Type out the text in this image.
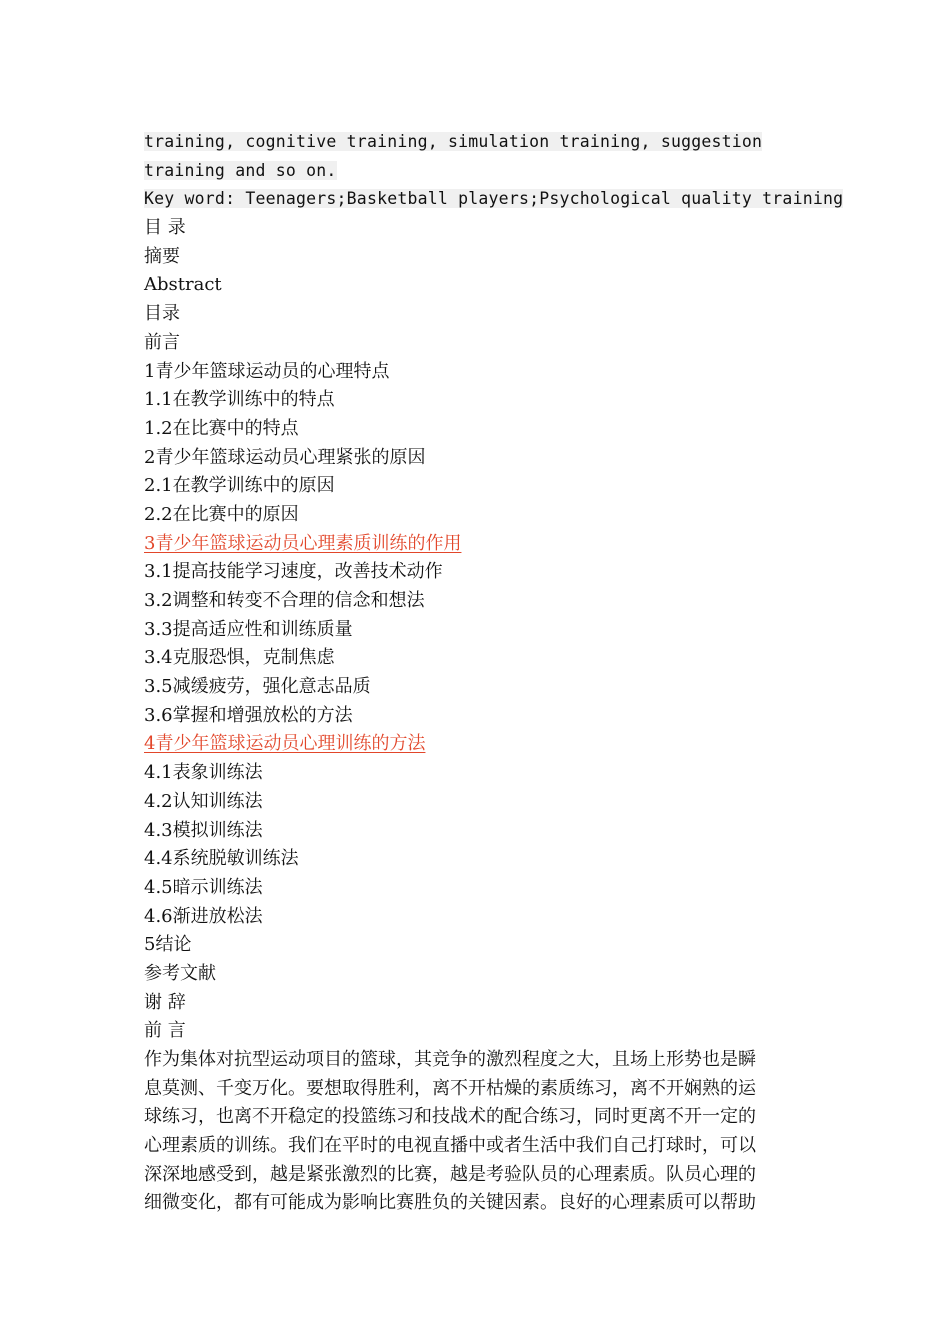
training, cognitive training, simulation training, suggestion
training and so on.
Key word: Teenagers;Basketball players;Psychological quality training
目 录
摘要
Abstract
目录
前言
1青少年篮球运动员的心理特点
1.1在教学训练中的特点
1.2在比赛中的特点
2青少年篮球运动员心理紧张的原因
2.1在教学训练中的原因
2.2在比赛中的原因
3青少年篮球运动员心理素质训练的作用
3.1提高技能学习速度，改善技术动作
3.2调整和转变不合理的信念和想法
3.3提高适应性和训练质量
3.4克服恐惧，克制焦虑
3.5减缓疲劳，强化意志品质
3.6掌握和增强放松的方法
4青少年篮球运动员心理训练的方法
4.1表象训练法
4.2认知训练法
4.3模拟训练法
4.4系统脱敏训练法
4.5暗示训练法
4.6渐进放松法
5结论
参考文献
谢 辞
前 言
作为集体对抗型运动项目的篮球，其竞争的激烈程度之大，且场上形势也是瞬
息莫测、千变万化。要想取得胜利，离不开枯燥的素质练习，离不开娴熟的运
球练习，也离不开稳定的投篮练习和技战术的配合练习，同时更离不开一定的
心理素质的训练。我们在平时的电视直播中或者生活中我们自己打球时，可以
深深地感受到，越是紧张激烈的比赛，越是考验队员的心理素质。队员心理的
细微变化，都有可能成为影响比赛胜负的关键因素。良好的心理素质可以帮助
